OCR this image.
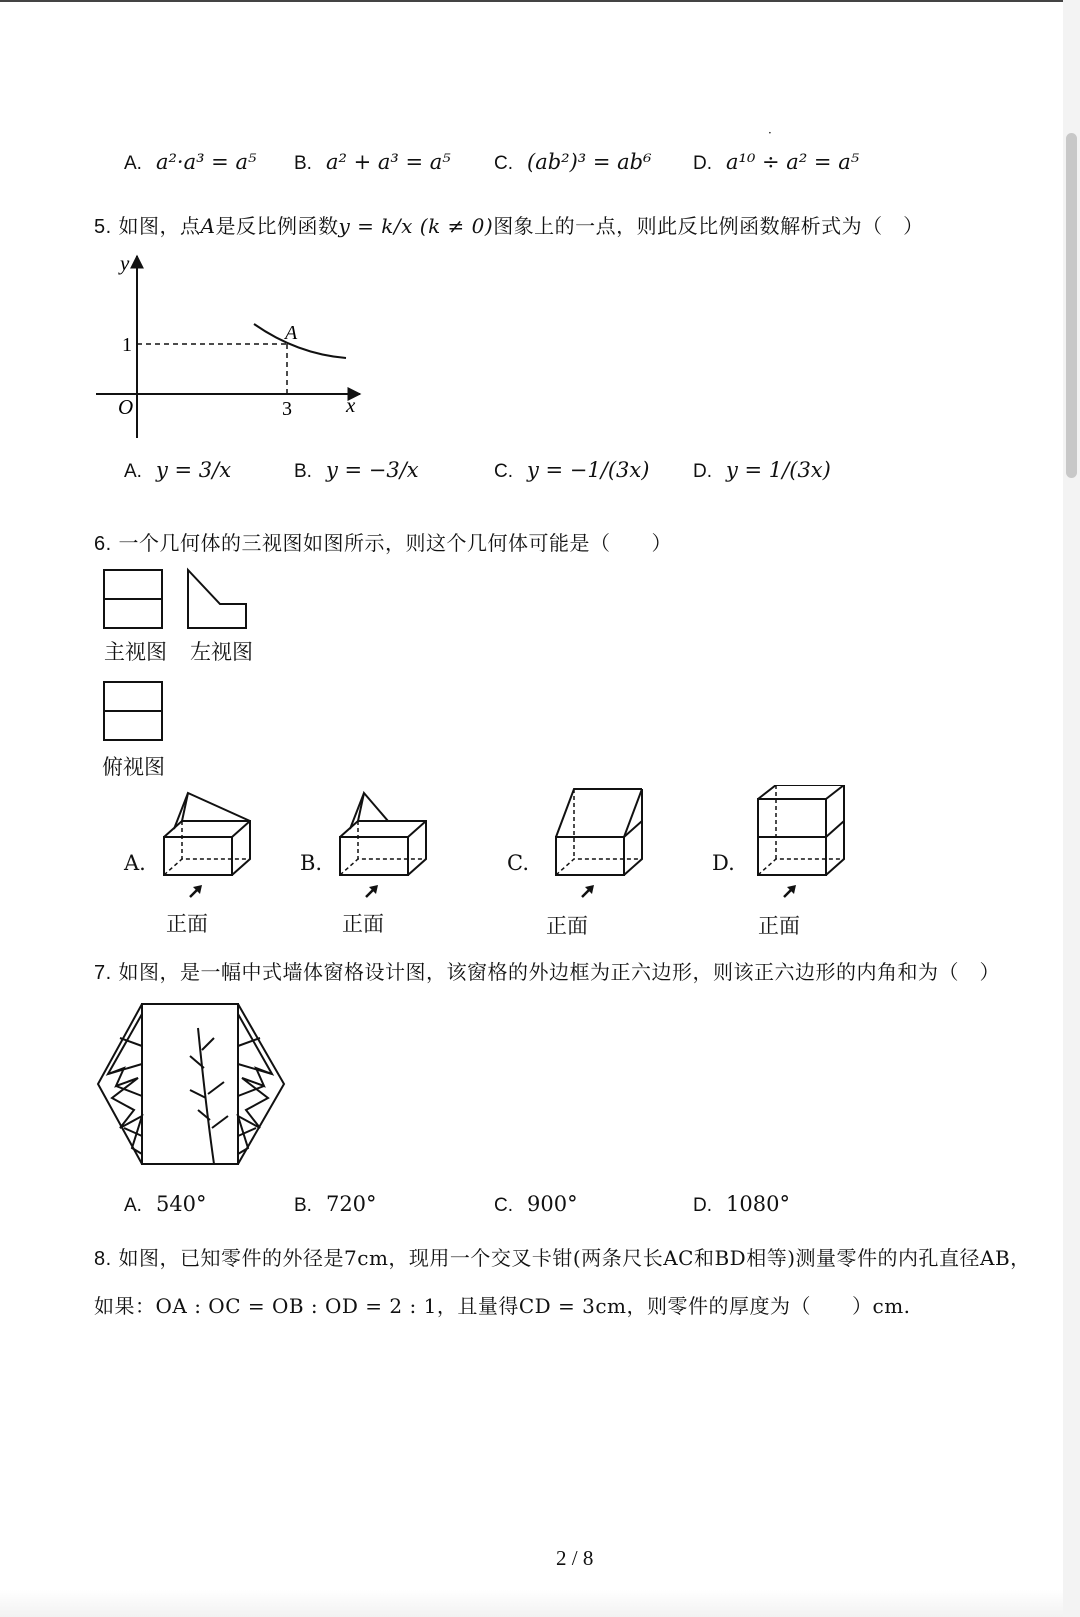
·
A. a²·a³ = a⁵ B. a² + a³ = a⁵ C. (ab²)³ = ab⁶ D. a¹⁰ ÷ a² = a⁵
5. 如图，点A是反比例函数y = k/x (k ≠ 0)图象上的一点，则此反比例函数解析式为（　）
y
x
O
1
3
A
A. y = 3/x	B. y = −3/x	C. y = −1/(3x) D. y = 1/(3x)
6. 一个几何体的三视图如图所示，则这个几何体可能是（　　）
主视图 左视图
俯视图
A.
正面
B.
正面
C.
正面
D.
正面
7. 如图，是一幅中式墙体窗格设计图，该窗格的外边框为正六边形，则该正六边形的内角和为（　）
A. 540°	B. 720°	C. 900°	D. 1080°
8. 如图，已知零件的外径是7cm，现用一个交叉卡钳(两条尺长AC和BD相等)测量零件的内孔直径AB，
如果：OA : OC = OB : OD = 2 : 1，且量得CD = 3cm，则零件的厚度为（　　）cm.
2 / 8
